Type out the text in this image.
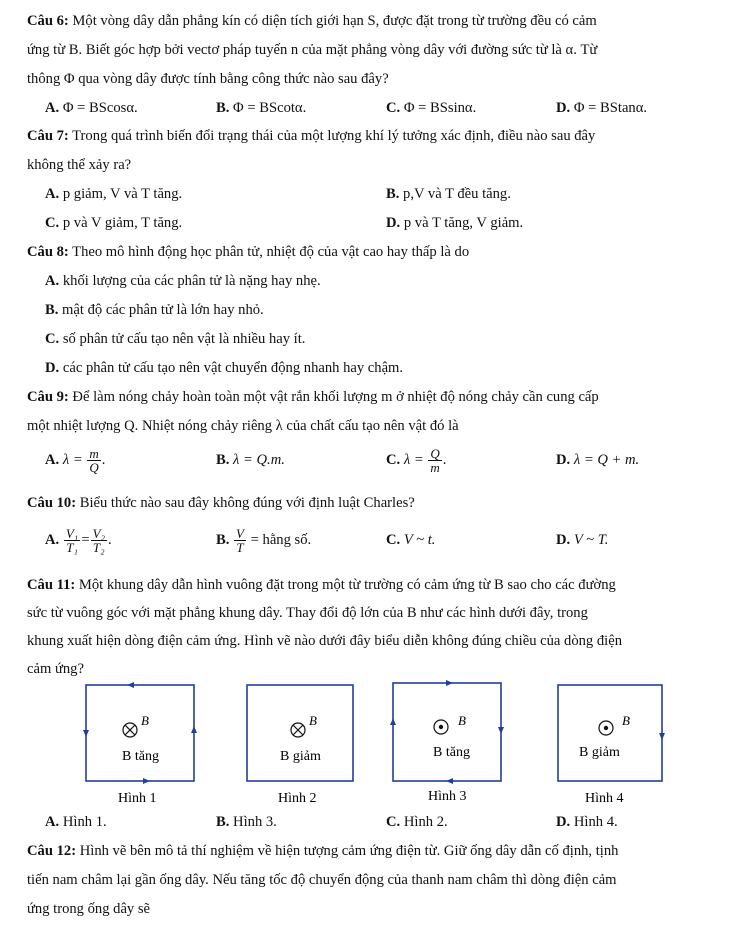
Câu 6: Một vòng dây dẫn phẳng kín có diện tích giới hạn S, được đặt trong từ trường đều có cảm
ứng từ B. Biết góc hợp bởi vectơ pháp tuyến n của mặt phẳng vòng dây với đường sức từ là α. Từ
thông Φ qua vòng dây được tính bằng công thức nào sau đây?
A. Φ = BScosα.	B. Φ = BScotα.	C. Φ = BSsinα.	D. Φ = BStanα.
Câu 7: Trong quá trình biến đổi trạng thái của một lượng khí lý tưởng xác định, điều nào sau đây
không thể xảy ra?
A. p giảm, V và T tăng.	B. p,V và T đều tăng.
C. p và V giảm, T tăng.	D. p và T tăng, V giảm.
Câu 8: Theo mô hình động học phân tử, nhiệt độ của vật cao hay thấp là do
A. khối lượng của các phân tử là nặng hay nhẹ.
B. mật độ các phân tử là lớn hay nhỏ.
C. số phân tử cấu tạo nên vật là nhiều hay ít.
D. các phân tử cấu tạo nên vật chuyển động nhanh hay chậm.
Câu 9: Để làm nóng chảy hoàn toàn một vật rắn khối lượng m ở nhiệt độ nóng chảy cần cung cấp
một nhiệt lượng Q. Nhiệt nóng chảy riêng λ của chất cấu tạo nên vật đó là
A. $\lambda = \frac{m}{Q}$ .	B. λ = Q.m.	C. $\lambda = \frac{Q}{m}$ .	D. λ = Q + m.
Câu 10: Biểu thức nào sau đây không đúng với định luật Charles?
A. $\frac{\text{V₁}}{\text{T₁}} = \frac{\text{V₂}}{\text{T₂}}$ .	B. $\frac{V}{T}$ = hằng số.	C. V ~ t.	D. V ~ T.
Câu 11: Một khung dây dẫn hình vuông đặt trong một từ trường có cảm ứng từ B sao cho các đường
sức từ vuông góc với mặt phẳng khung dây. Thay đổi độ lớn của B như các hình dưới đây, trong
khung xuất hiện dòng điện cảm ứng. Hình vẽ nào dưới đây biểu diễn không đúng chiều của dòng điện
cảm ứng?
B
B tăng
Hình 1
B
B giảm
Hình 2
B
B tăng
Hình 3
B
B giảm
Hình 4
A. Hình 1.	B. Hình 3.	C. Hình 2.	D. Hình 4.
Câu 12: Hình vẽ bên mô tả thí nghiệm về hiện tượng cảm ứng điện từ. Giữ ống dây dẫn cố định, tịnh
tiến nam châm lại gần ống dây. Nếu tăng tốc độ chuyển động của thanh nam châm thì dòng điện cảm
ứng trong ống dây sẽ
